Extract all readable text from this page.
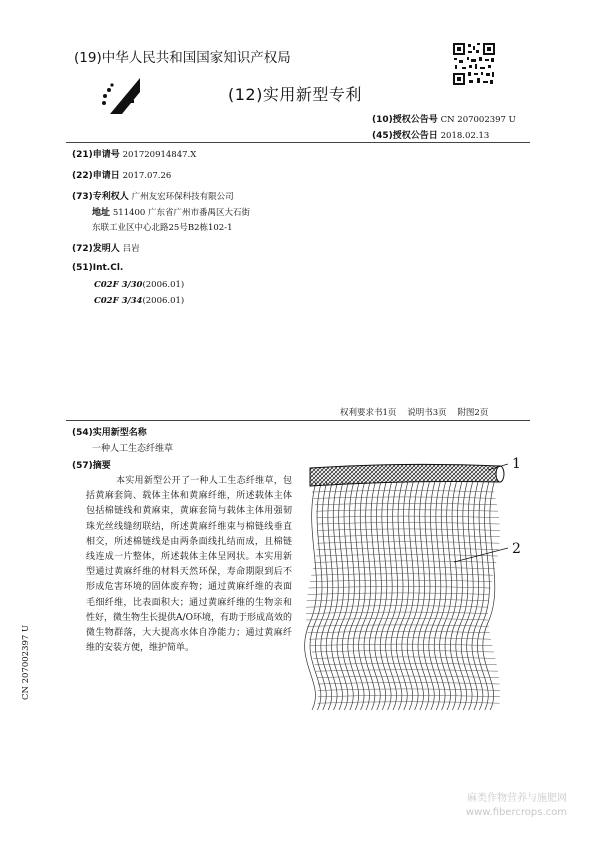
(19)中华人民共和国国家知识产权局
(12)实用新型专利
(10)授权公告号 CN 207002397 U
(45)授权公告日 2018.02.13
(21)申请号 201720914847.X
(22)申请日 2017.07.26
(73)专利权人 广州友宏环保科技有限公司
地址 511400 广东省广州市番禺区大石街
东联工业区中心北路25号B2栋102-1
(72)发明人 吕岩
(51)Int.Cl.
C02F 3/30(2006.01)
C02F 3/34(2006.01)
权利要求书1页    说明书3页    附图2页
(54)实用新型名称
一种人工生态纤维草
(57)摘要
本实用新型公开了一种人工生态纤维草，包括黄麻套筒、载体主体和黄麻纤维，所述载体主体包括棉链线和黄麻束，黄麻套筒与载体主体用强韧珠光丝线缝纫联结，所述黄麻纤维束与棉链线垂直相交，所述棉链线是由两条面线扎结而成，且棉链线连成一片整体，所述载体主体呈网状。本实用新型通过黄麻纤维的材料天然环保，寿命期限到后不形成危害环境的固体废弃物；通过黄麻纤维的表面毛细纤维，比表面积大；通过黄麻纤维的生物亲和性好，微生物生长提供A/O环境，有助于形成高效的微生物群落，大大提高水体自净能力；通过黄麻纤维的安装方便，维护简单。
1
2
CN 207002397 U
麻类作物营养与施肥网
www.fibercrops.com
